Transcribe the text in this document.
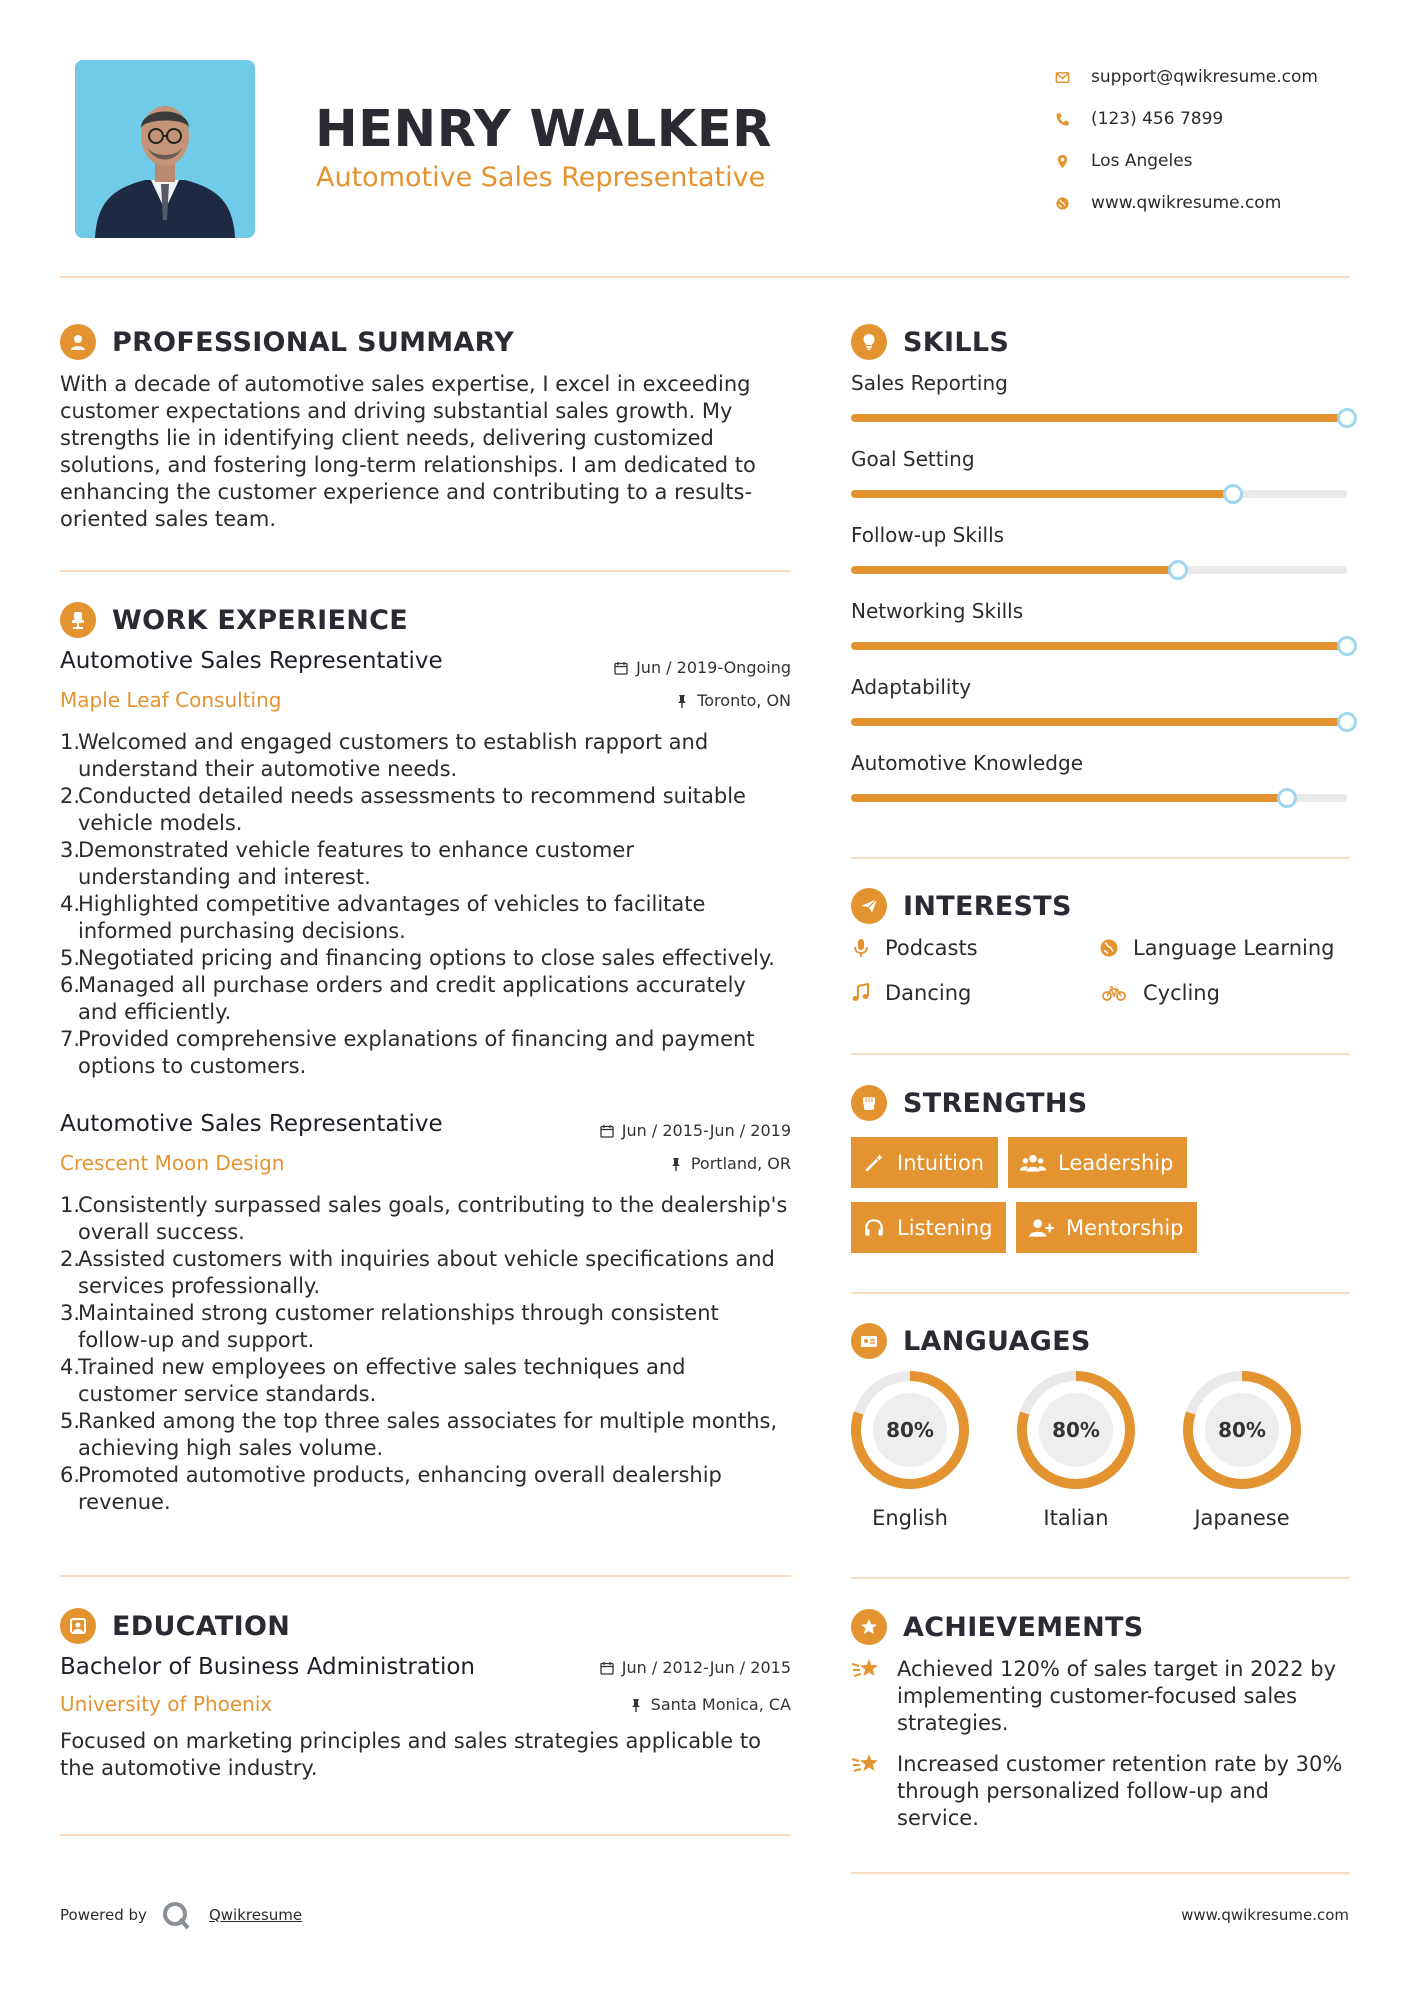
HENRY WALKER
Automotive Sales Representative
support@qwikresume.com
(123) 456 7899
Los Angeles
www.qwikresume.com
PROFESSIONAL SUMMARY
With a decade of automotive sales expertise, I excel in exceeding
customer expectations and driving substantial sales growth. My
strengths lie in identifying client needs, delivering customized
solutions, and fostering long-term relationships. I am dedicated to
enhancing the customer experience and contributing to a results-
oriented sales team.
WORK EXPERIENCE
Automotive Sales Representative	Jun / 2019-Ongoing
Maple Leaf Consulting	Toronto, ON
1.
Welcomed and engaged customers to establish rapport and
understand their automotive needs.
2.
Conducted detailed needs assessments to recommend suitable
vehicle models.
3.
Demonstrated vehicle features to enhance customer
understanding and interest.
4.
Highlighted competitive advantages of vehicles to facilitate
informed purchasing decisions.
5.
Negotiated pricing and financing options to close sales effectively.
6.
Managed all purchase orders and credit applications accurately
and efficiently.
7.
Provided comprehensive explanations of financing and payment
options to customers.
Automotive Sales Representative	Jun / 2015-Jun / 2019
Crescent Moon Design	Portland, OR
1.
Consistently surpassed sales goals, contributing to the dealership's
overall success.
2.
Assisted customers with inquiries about vehicle specifications and
services professionally.
3.
Maintained strong customer relationships through consistent
follow-up and support.
4.
Trained new employees on effective sales techniques and
customer service standards.
5.
Ranked among the top three sales associates for multiple months,
achieving high sales volume.
6.
Promoted automotive products, enhancing overall dealership
revenue.
EDUCATION
Bachelor of Business Administration	Jun / 2012-Jun / 2015
University of Phoenix	Santa Monica, CA
Focused on marketing principles and sales strategies applicable to
the automotive industry.
SKILLS
Sales Reporting
Goal Setting
Follow-up Skills
Networking Skills
Adaptability
Automotive Knowledge
INTERESTS
Podcasts	Language Learning
Dancing	Cycling
STRENGTHS
Intuition	Leadership
Listening	Mentorship
LANGUAGES
80%
English
80%
Italian
80%
Japanese
ACHIEVEMENTS
Achieved 120% of sales target in 2022 by
implementing customer-focused sales
strategies.
Increased customer retention rate by 30%
through personalized follow-up and
service.
Powered by	Qwikresume	www.qwikresume.com
